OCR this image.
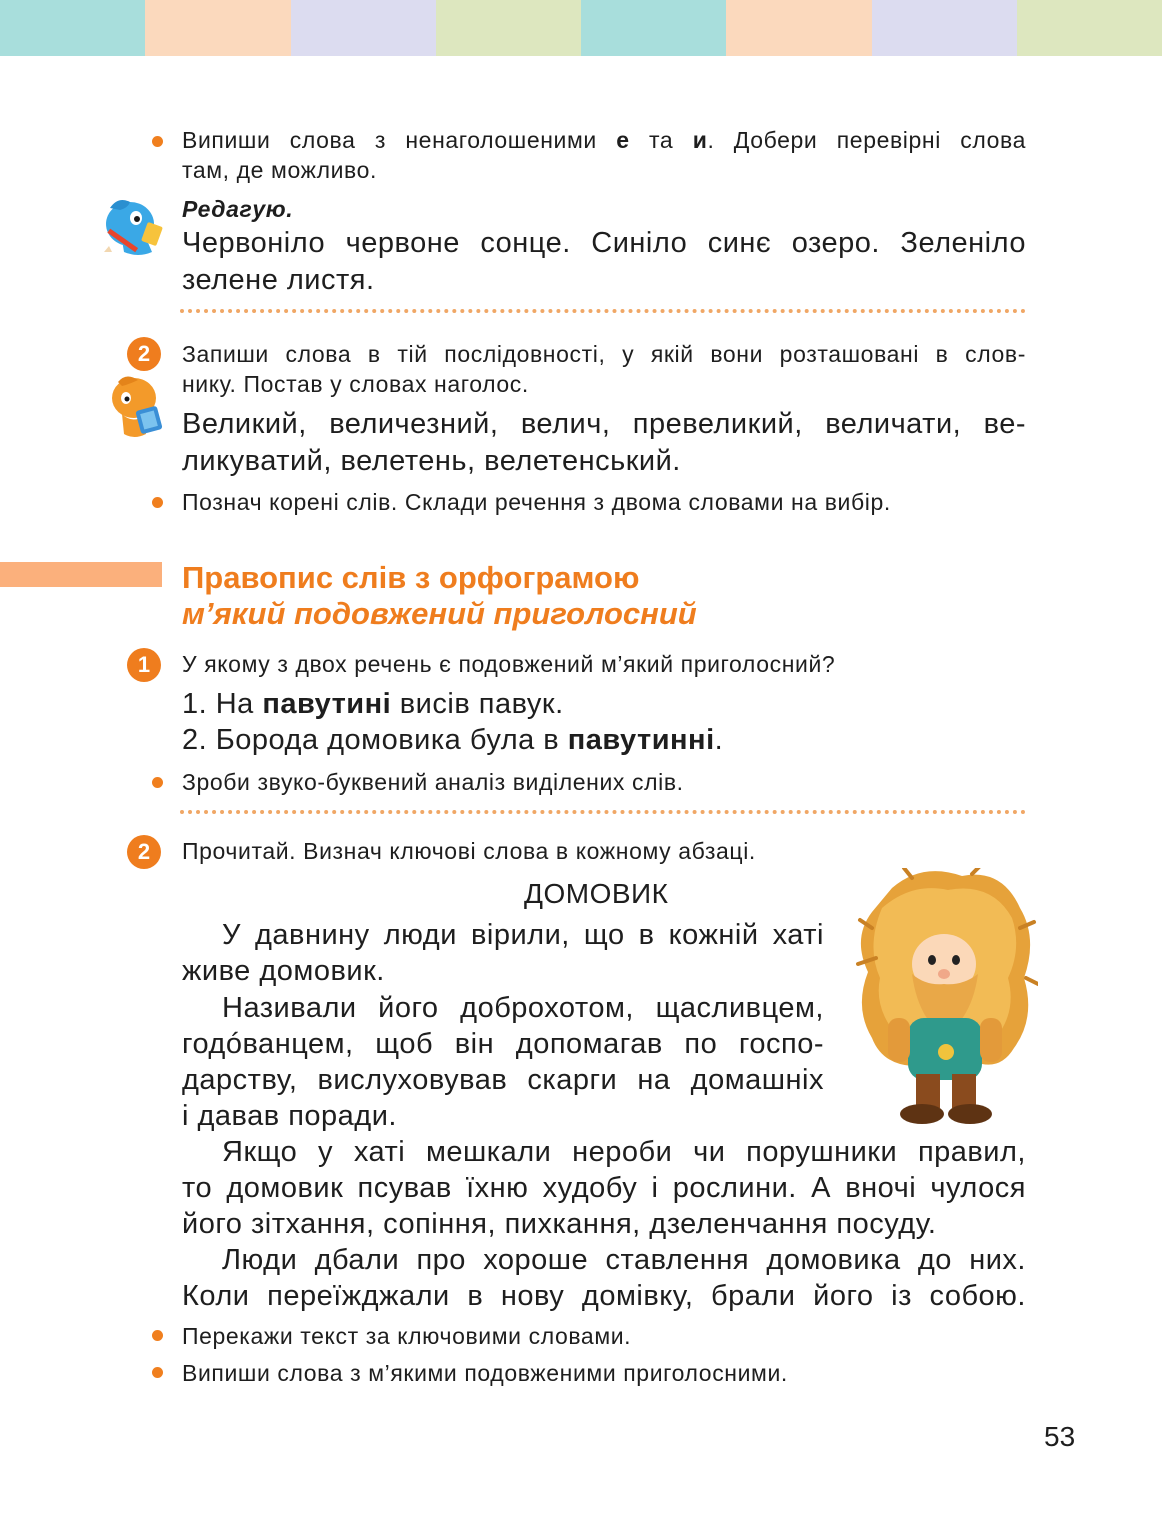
Випиши слова з ненаголошеними е та и. Добери перевірні слова
там, де можливо.
Редагую.
Червоніло червоне сонце. Синіло синє озеро. Зеленіло
зелене листя.
2	Запиши слова в тій послідовності, у якій вони розташовані в слов-
нику. Постав у словах наголос.
Великий, величезний, велич, превеликий, величати, ве-
ликуватий, велетень, велетенський.
Познач корені слів. Склади речення з двома словами на вибір.
Правопис слів з орфограмою
м’який подовжений приголосний
1	У якому з двох речень є подовжений м’який приголосний?
1. На павутині висів павук.
2. Борода домовика була в павутинні.
Зроби звуко-буквений аналіз виділених слів.
2	Прочитай. Визнач ключові слова в кожному абзаці.
ДОМОВИК
У давнину люди вірили, що в кожній хаті
живе домовик.
Називали його доброхотом, щасливцем,
годóванцем, щоб він допомагав по госпо-
дарству, вислуховував скарги на домашніх
і давав поради.
Якщо у хаті мешкали нероби чи порушники правил,
то домовик псував їхню худобу і рослини. А вночі чулося
його зітхання, сопіння, пихкання, дзеленчання посуду.
Люди дбали про хороше ставлення домовика до них.
Коли переїжджали в нову домівку, брали його із собою.
Перекажи текст за ключовими словами.
Випиши слова з м’якими подовженими приголосними.
53
